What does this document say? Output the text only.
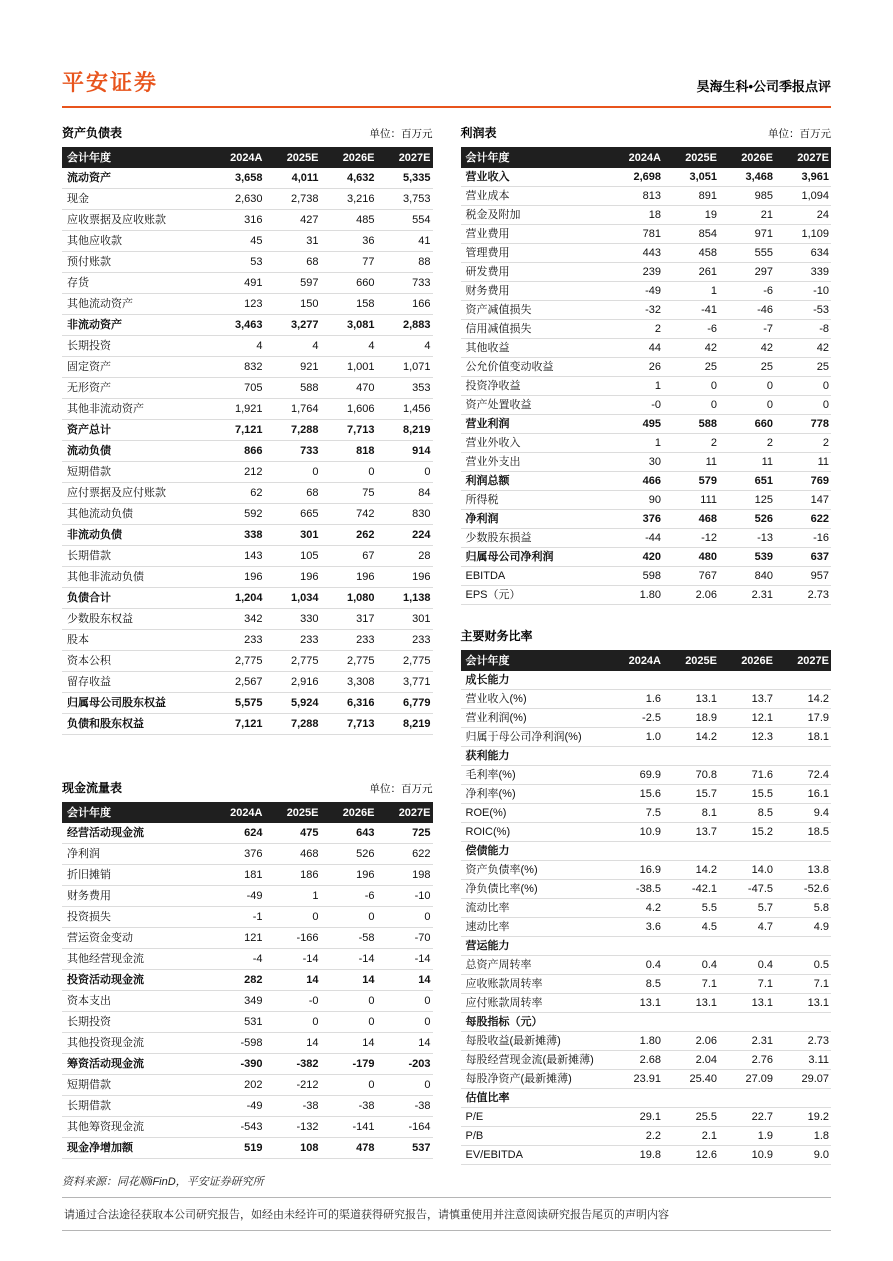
平安证券	昊海生科•公司季报点评
资产负债表	单位：百万元
会计年度	2024A	2025E	2026E	2027E
流动资产	3,658	4,011	4,632	5,335
现金	2,630	2,738	3,216	3,753
应收票据及应收账款	316	427	485	554
其他应收款	45	31	36	41
预付账款	53	68	77	88
存货	491	597	660	733
其他流动资产	123	150	158	166
非流动资产	3,463	3,277	3,081	2,883
长期投资	4	4	4	4
固定资产	832	921	1,001	1,071
无形资产	705	588	470	353
其他非流动资产	1,921	1,764	1,606	1,456
资产总计	7,121	7,288	7,713	8,219
流动负债	866	733	818	914
短期借款	212	0	0	0
应付票据及应付账款	62	68	75	84
其他流动负债	592	665	742	830
非流动负债	338	301	262	224
长期借款	143	105	67	28
其他非流动负债	196	196	196	196
负债合计	1,204	1,034	1,080	1,138
少数股东权益	342	330	317	301
股本	233	233	233	233
资本公积	2,775	2,775	2,775	2,775
留存收益	2,567	2,916	3,308	3,771
归属母公司股东权益	5,575	5,924	6,316	6,779
负债和股东权益	7,121	7,288	7,713	8,219
现金流量表	单位：百万元
会计年度	2024A	2025E	2026E	2027E
经营活动现金流	624	475	643	725
净利润	376	468	526	622
折旧摊销	181	186	196	198
财务费用	-49	1	-6	-10
投资损失	-1	0	0	0
营运资金变动	121	-166	-58	-70
其他经营现金流	-4	-14	-14	-14
投资活动现金流	282	14	14	14
资本支出	349	-0	0	0
长期投资	531	0	0	0
其他投资现金流	-598	14	14	14
筹资活动现金流	-390	-382	-179	-203
短期借款	202	-212	0	0
长期借款	-49	-38	-38	-38
其他筹资现金流	-543	-132	-141	-164
现金净增加额	519	108	478	537

资料来源：同花顺iFinD，平安证券研究所

利润表	单位：百万元
会计年度	2024A	2025E	2026E	2027E
营业收入	2,698	3,051	3,468	3,961
营业成本	813	891	985	1,094
税金及附加	18	19	21	24
营业费用	781	854	971	1,109
管理费用	443	458	555	634
研发费用	239	261	297	339
财务费用	-49	1	-6	-10
资产减值损失	-32	-41	-46	-53
信用减值损失	2	-6	-7	-8
其他收益	44	42	42	42
公允价值变动收益	26	25	25	25
投资净收益	1	0	0	0
资产处置收益	-0	0	0	0
营业利润	495	588	660	778
营业外收入	1	2	2	2
营业外支出	30	11	11	11
利润总额	466	579	651	769
所得税	90	111	125	147
净利润	376	468	526	622
少数股东损益	-44	-12	-13	-16
归属母公司净利润	420	480	539	637
EBITDA	598	767	840	957
EPS（元）	1.80	2.06	2.31	2.73
主要财务比率
会计年度	2024A	2025E	2026E	2027E
成长能力
营业收入(%)	1.6	13.1	13.7	14.2
营业利润(%)	-2.5	18.9	12.1	17.9
归属于母公司净利润(%)	1.0	14.2	12.3	18.1
获利能力
毛利率(%)	69.9	70.8	71.6	72.4
净利率(%)	15.6	15.7	15.5	16.1
ROE(%)	7.5	8.1	8.5	9.4
ROIC(%)	10.9	13.7	15.2	18.5
偿债能力
资产负债率(%)	16.9	14.2	14.0	13.8
净负债比率(%)	-38.5	-42.1	-47.5	-52.6
流动比率	4.2	5.5	5.7	5.8
速动比率	3.6	4.5	4.7	4.9
营运能力
总资产周转率	0.4	0.4	0.4	0.5
应收账款周转率	8.5	7.1	7.1	7.1
应付账款周转率	13.1	13.1	13.1	13.1
每股指标（元）
每股收益(最新摊薄)	1.80	2.06	2.31	2.73
每股经营现金流(最新摊薄)	2.68	2.04	2.76	3.11
每股净资产(最新摊薄)	23.91	25.40	27.09	29.07
估值比率
P/E	29.1	25.5	22.7	19.2
P/B	2.2	2.1	1.9	1.8
EV/EBITDA	19.8	12.6	10.9	9.0
请通过合法途径获取本公司研究报告，如经由未经许可的渠道获得研究报告，请慎重使用并注意阅读研究报告尾页的声明内容
